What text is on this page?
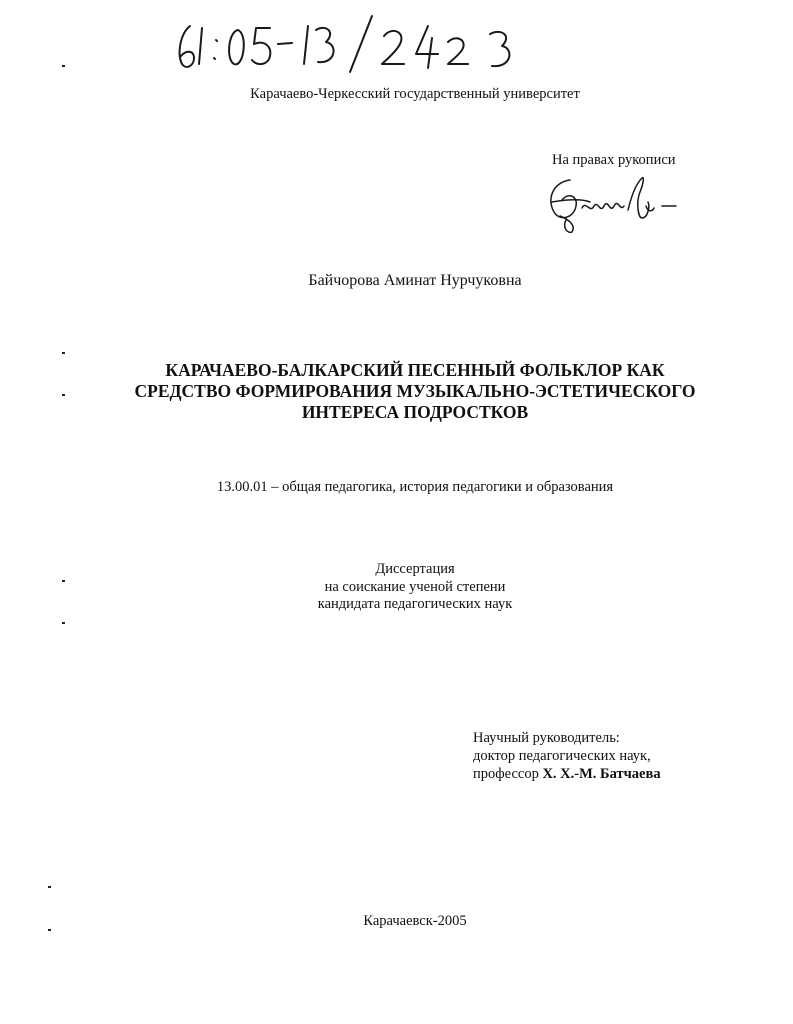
Карачаево-Черкесский государственный университет
На правах рукописи
Байчорова Аминат Нурчуковна
КАРАЧАЕВО-БАЛКАРСКИЙ ПЕСЕННЫЙ ФОЛЬКЛОР КАК
СРЕДСТВО ФОРМИРОВАНИЯ МУЗЫКАЛЬНО-ЭСТЕТИЧЕСКОГО
ИНТЕРЕСА ПОДРОСТКОВ
13.00.01 – общая педагогика, история педагогики и образования
Диссертация
на соискание ученой степени
кандидата педагогических наук
Научный руководитель:
доктор педагогических наук,
профессор Х. Х.-М. Батчаева
Карачаевск-2005
